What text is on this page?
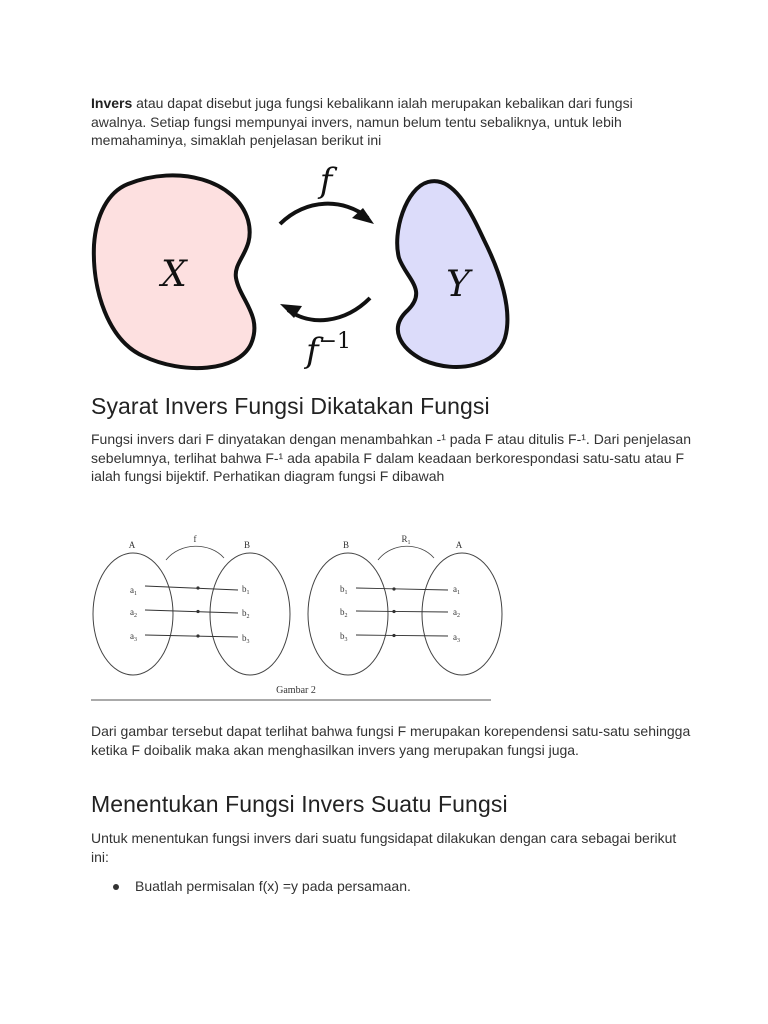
Invers atau dapat disebut juga fungsi kebalikann ialah merupakan kebalikan dari fungsi awalnya. Setiap fungsi mempunyai invers, namun belum tentu sebaliknya, untuk lebih memahaminya, simaklah penjelasan berikut ini

X	Y
f
$f^{-1}$
Syarat Invers Fungsi Dikatakan Fungsi

Fungsi invers dari F dinyatakan dengan menambahkan -¹ pada F atau ditulis F-¹. Dari penjelasan sebelumnya, terlihat bahwa F-¹ ada apabila F dalam keadaan berkorespondasi satu-satu atau F ialah fungsi bijektif. Perhatikan diagram fungsi F dibawah

A	B
f
$a_1$
$a_2$
$a_3$
$b_1$
$b_2$
$b_3$
B	A
$R_1$
$b_1$
$b_2$
$b_3$
$a_1$
$a_2$
$a_3$
Gambar 2

Dari gambar tersebut dapat terlihat bahwa fungsi F merupakan korependensi satu-satu sehingga ketika F doibalik maka akan menghasilkan invers yang merupakan fungsi juga.

Menentukan Fungsi Invers Suatu Fungsi

Untuk menentukan fungsi invers dari suatu fungsidapat dilakukan dengan cara sebagai berikut ini:

Buatlah permisalan f(x) =y pada persamaan.
